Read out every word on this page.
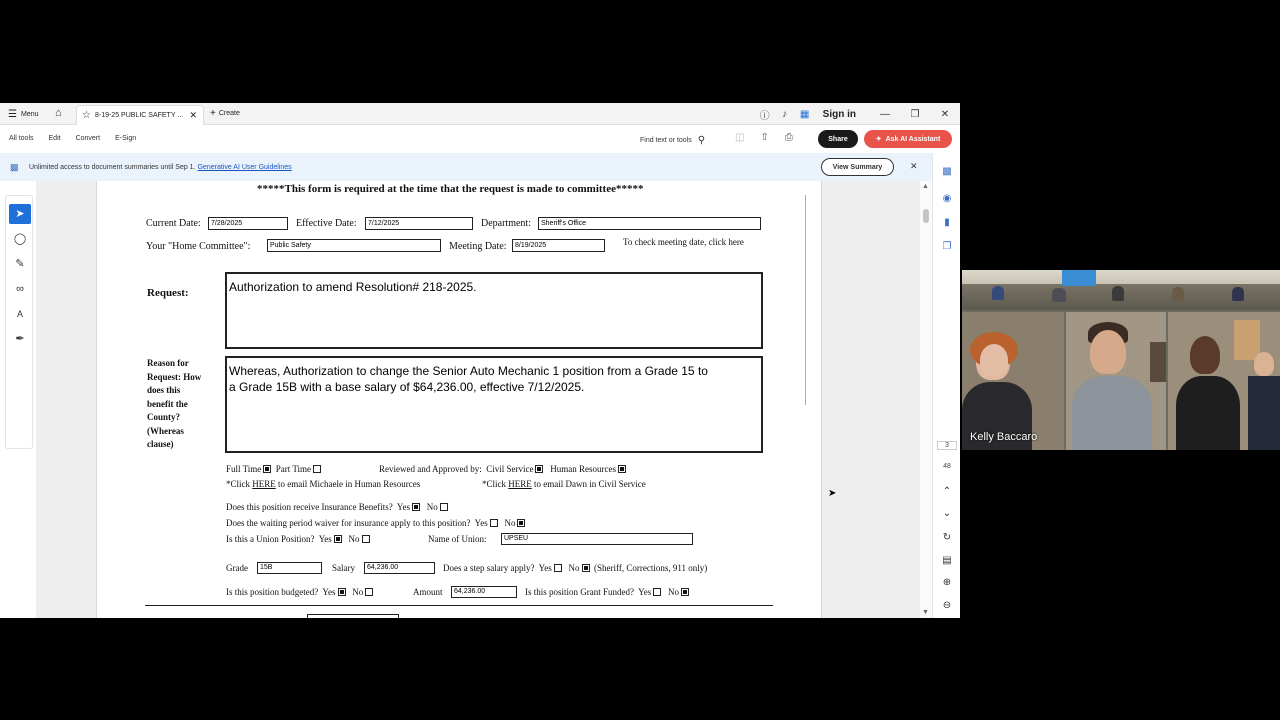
☰ Menu ⌂ ☆ 8-19-25 PUBLIC SAFETY ... ✕ + Create	ⓘ	♪	▦	Sign in	—	❐	✕
All tools Edit Convert E-Sign	Find text or tools ⚲	◫ ⇧ ⎙	Share	✦ Ask AI Assistant
▩ Unlimited access to document summaries until Sep 1. Generative AI User Guidelines	View Summary	✕
*****This form is required at the time that the request is made to committee*****
Current Date:	7/28/2025	Effective Date:	7/12/2025	Department:	Sheriff's Office
Your "Home Committee":	Public Safety	Meeting Date:	8/19/2025	To check meeting date, click here
Request:	Authorization to amend Resolution# 218-2025.
Reason for
Request: How
does this
benefit the
County?
(Whereas
clause)
Whereas, Authorization to change the Senior Auto Mechanic 1 position from a Grade 15 to
a Grade 15B with a base salary of $64,236.00, effective 7/12/2025.
Full Time Part Time	Reviewed and Approved by: Civil Service Human Resources
*Click HERE to email Michaele in Human Resources	*Click HERE to email Dawn in Civil Service
Does this position receive Insurance Benefits? Yes No
Does the waiting period waiver for insurance apply to this position? Yes No
Is this a Union Position? Yes No	Name of Union:	UPSEU
Grade	15B	Salary	64,236.00	Does a step salary apply? Yes No (Sheriff, Corrections, 911 only)
Is this position budgeted? Yes No	Amount	64,236.00	Is this position Grant Funded? Yes No
➤
◯
✎
∞
A
✒
▲
▼
▩
◉
▮
❐
3
48
⌃
⌄
↻
▤
⊕
⊖
➤
Kelly Baccaro
